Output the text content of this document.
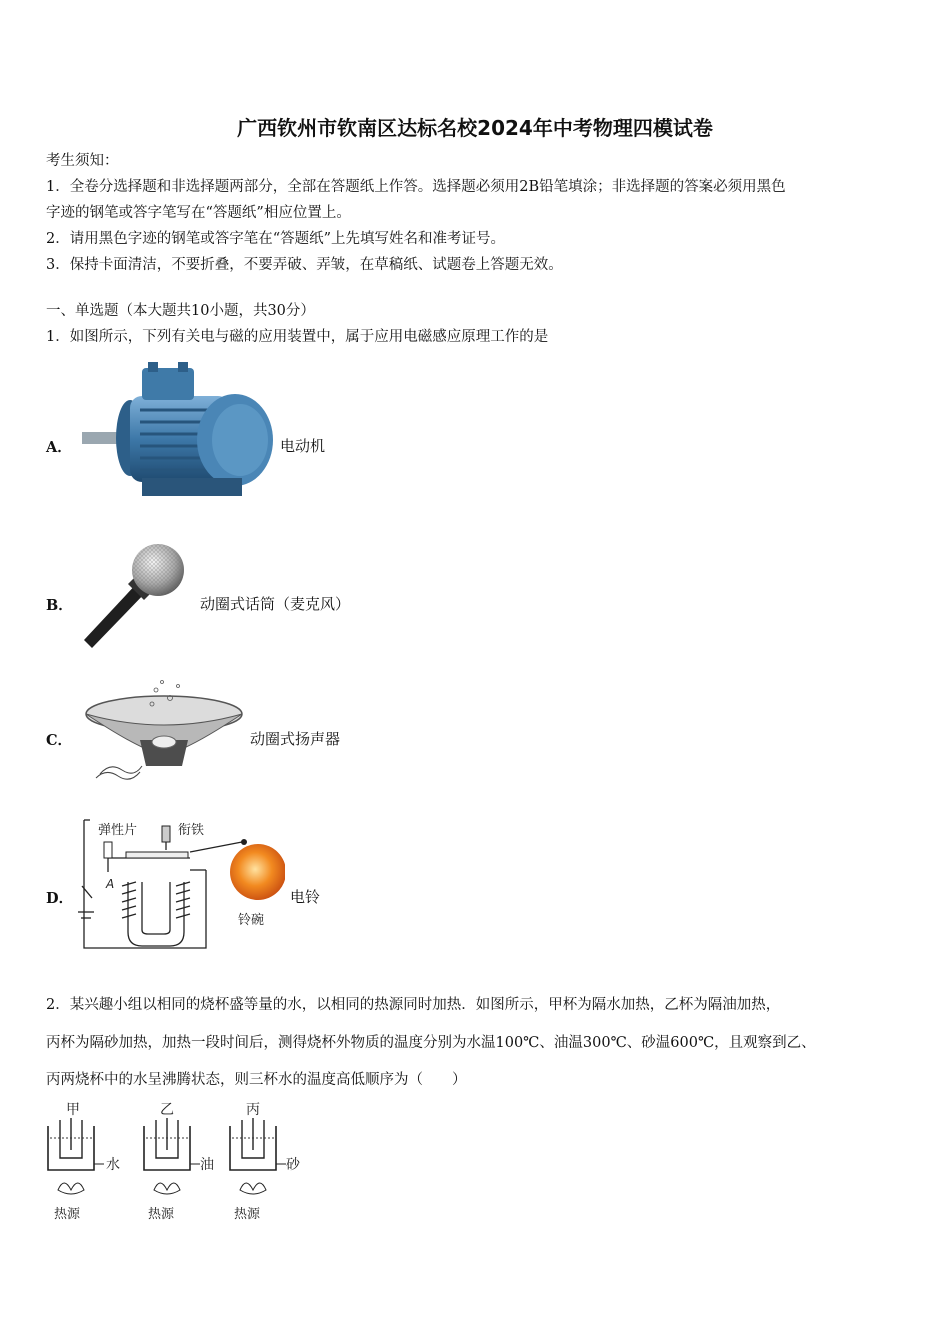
广西钦州市钦南区达标名校2024年中考物理四模试卷
考生须知：
1．全卷分选择题和非选择题两部分，全部在答题纸上作答。选择题必须用2B铅笔填涂；非选择题的答案必须用黑色
字迹的钢笔或答字笔写在“答题纸”相应位置上。
2．请用黑色字迹的钢笔或答字笔在“答题纸”上先填写姓名和准考证号。
3．保持卡面清洁，不要折叠，不要弄破、弄皱，在草稿纸、试题卷上答题无效。
一、单选题（本大题共10小题，共30分）
1．如图所示，下列有关电与磁的应用装置中，属于应用电磁感应原理工作的是
A．	电动机
B．	动圈式话筒（麦克风）
C．	动圈式扬声器
D．
弹性片	衔铁
A
铃碗
电铃
2．某兴趣小组以相同的烧杯盛等量的水，以相同的热源同时加热．如图所示，甲杯为隔水加热，乙杯为隔油加热，
丙杯为隔砂加热，加热一段时间后，测得烧杯外物质的温度分别为水温100℃、油温300℃、砂温600℃，且观察到乙、
丙两烧杯中的水呈沸腾状态，则三杯水的温度高低顺序为（　　）
甲
水
热源
乙
油
热源
丙
砂
热源
